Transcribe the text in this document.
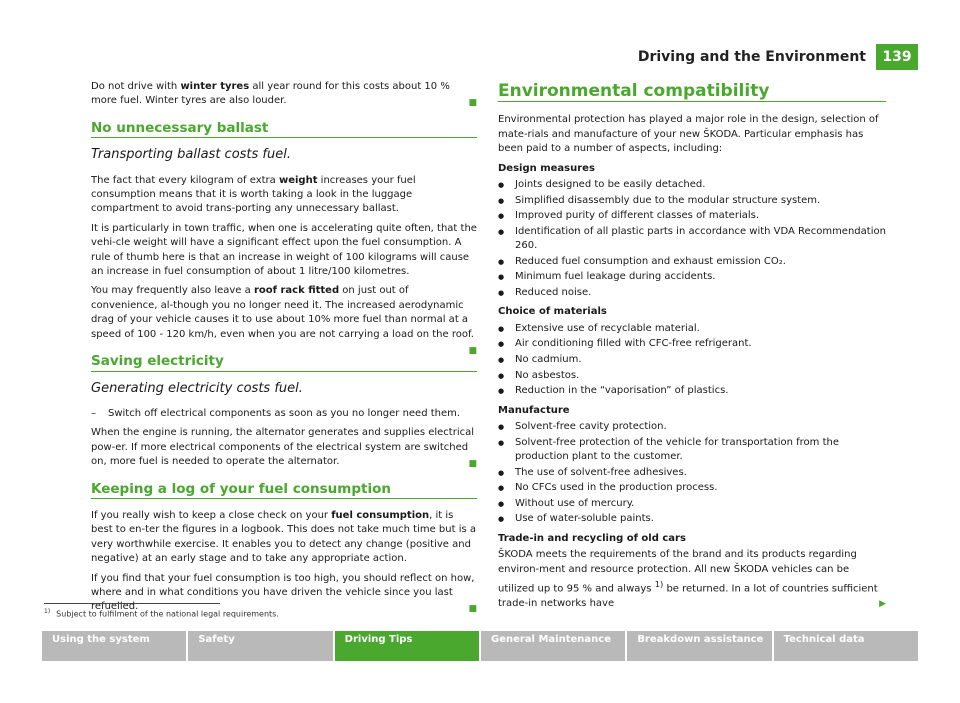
Driving and the Environment	139

Do not drive with winter tyres all year round for this costs about 10 % more fuel. Winter tyres are also louder.	■

No unnecessary ballast
Transporting ballast costs fuel.

The fact that every kilogram of extra weight increases your fuel consumption means that it is worth taking a look in the luggage compartment to avoid trans-porting any unnecessary ballast.

It is particularly in town traffic, when one is accelerating quite often, that the vehi-cle weight will have a significant effect upon the fuel consumption. A rule of thumb here is that an increase in weight of 100 kilograms will cause an increase in fuel consumption of about 1 litre/100 kilometres.

You may frequently also leave a roof rack fitted on just out of convenience, al-though you no longer need it. The increased aerodynamic drag of your vehicle causes it to use about 10% more fuel than normal at a speed of 100 - 120 km/h, even when you are not carrying a load on the roof.
■

Saving electricity
Generating electricity costs fuel.
– Switch off electrical components as soon as you no longer need them.

When the engine is running, the alternator generates and supplies electrical pow-er. If more electrical components of the electrical system are switched on, more fuel is needed to operate the alternator.	■

Keeping a log of your fuel consumption

If you really wish to keep a close check on your fuel consumption, it is best to en-ter the figures in a logbook. This does not take much time but is a very worthwhile exercise. It enables you to detect any change (positive and negative) at an early stage and to take any appropriate action.

If you find that your fuel consumption is too high, you should reflect on how, where and in what conditions you have driven the vehicle since you last refuelled.	■

Environmental compatibility

Environmental protection has played a major role in the design, selection of mate-rials and manufacture of your new ŠKODA. Particular emphasis has been paid to a number of aspects, including:

Design measures
● Joints designed to be easily detached.
● Simplified disassembly due to the modular structure system.
● Improved purity of different classes of materials.
● Identification of all plastic parts in accordance with VDA Recommendation 260.
● Reduced fuel consumption and exhaust emission CO₂.
● Minimum fuel leakage during accidents.
● Reduced noise.
Choice of materials
● Extensive use of recyclable material.
● Air conditioning filled with CFC-free refrigerant.
● No cadmium.
● No asbestos.
● Reduction in the “vaporisation” of plastics.
Manufacture
● Solvent-free cavity protection.
● Solvent-free protection of the vehicle for transportation from the production plant to the customer.
● The use of solvent-free adhesives.
● No CFCs used in the production process.
● Without use of mercury.
● Use of water-soluble paints.
Trade-in and recycling of old cars

ŠKODA meets the requirements of the brand and its products regarding environ-ment and resource protection. All new ŠKODA vehicles can be utilized up to 95 % and always $^{1)}$ be returned. In a lot of countries sufficient trade-in networks have	▶

$^{1)}$ Subject to fulfilment of the national legal requirements.
Using the system	Safety	Driving Tips	General Maintenance	Breakdown assistance	Technical data
